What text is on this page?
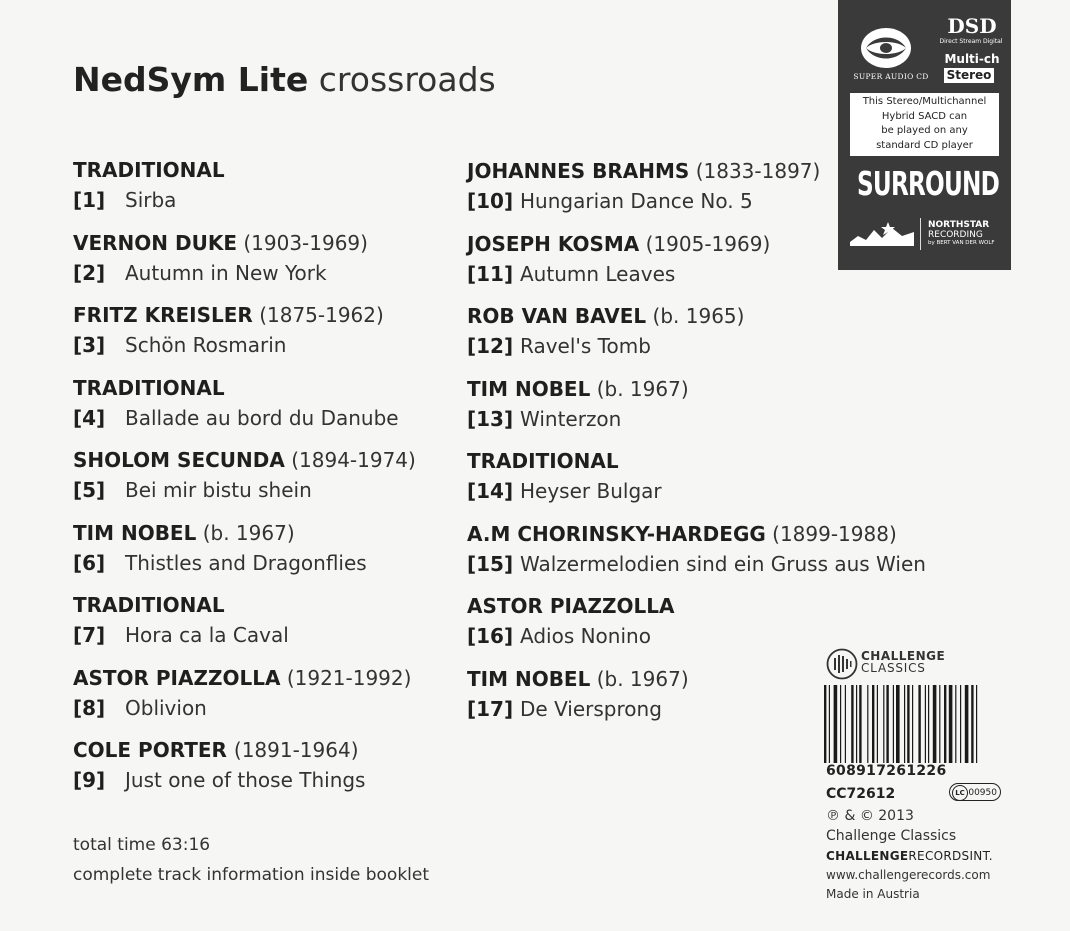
NedSym Lite crossroads
TRADITIONAL
[1] Sirba
VERNON DUKE (1903-1969)
[2] Autumn in New York
FRITZ KREISLER (1875-1962)
[3] Schön Rosmarin
TRADITIONAL
[4] Ballade au bord du Danube
SHOLOM SECUNDA (1894-1974)
[5] Bei mir bistu shein
TIM NOBEL (b. 1967)
[6] Thistles and Dragonflies
TRADITIONAL
[7] Hora ca la Caval
ASTOR PIAZZOLLA (1921-1992)
[8] Oblivion
COLE PORTER (1891-1964)
[9] Just one of those Things
JOHANNES BRAHMS (1833-1897)
[10] Hungarian Dance No. 5
JOSEPH KOSMA (1905-1969)
[11] Autumn Leaves
ROB VAN BAVEL (b. 1965)
[12] Ravel's Tomb
TIM NOBEL (b. 1967)
[13] Winterzon
TRADITIONAL
[14] Heyser Bulgar
A.M CHORINSKY-HARDEGG (1899-1988)
[15] Walzermelodien sind ein Gruss aus Wien
ASTOR PIAZZOLLA
[16] Adios Nonino
TIM NOBEL (b. 1967)
[17] De Viersprong
total time 63:16
complete track information inside booklet
SUPER AUDIO CD
DSD
Direct Stream Digital
Multi-ch
Stereo
This Stereo/Multichannel
Hybrid SACD can
be played on any
standard CD player
SURROUND
NORTHSTAR
RECORDING
by BERT VAN DER WOLF
CHALLENGE
CLASSICS
608917261226
CC72612	LC 00950
℗ & © 2013
Challenge Classics
CHALLENGERECORDSINT.
www.challengerecords.com
Made in Austria
